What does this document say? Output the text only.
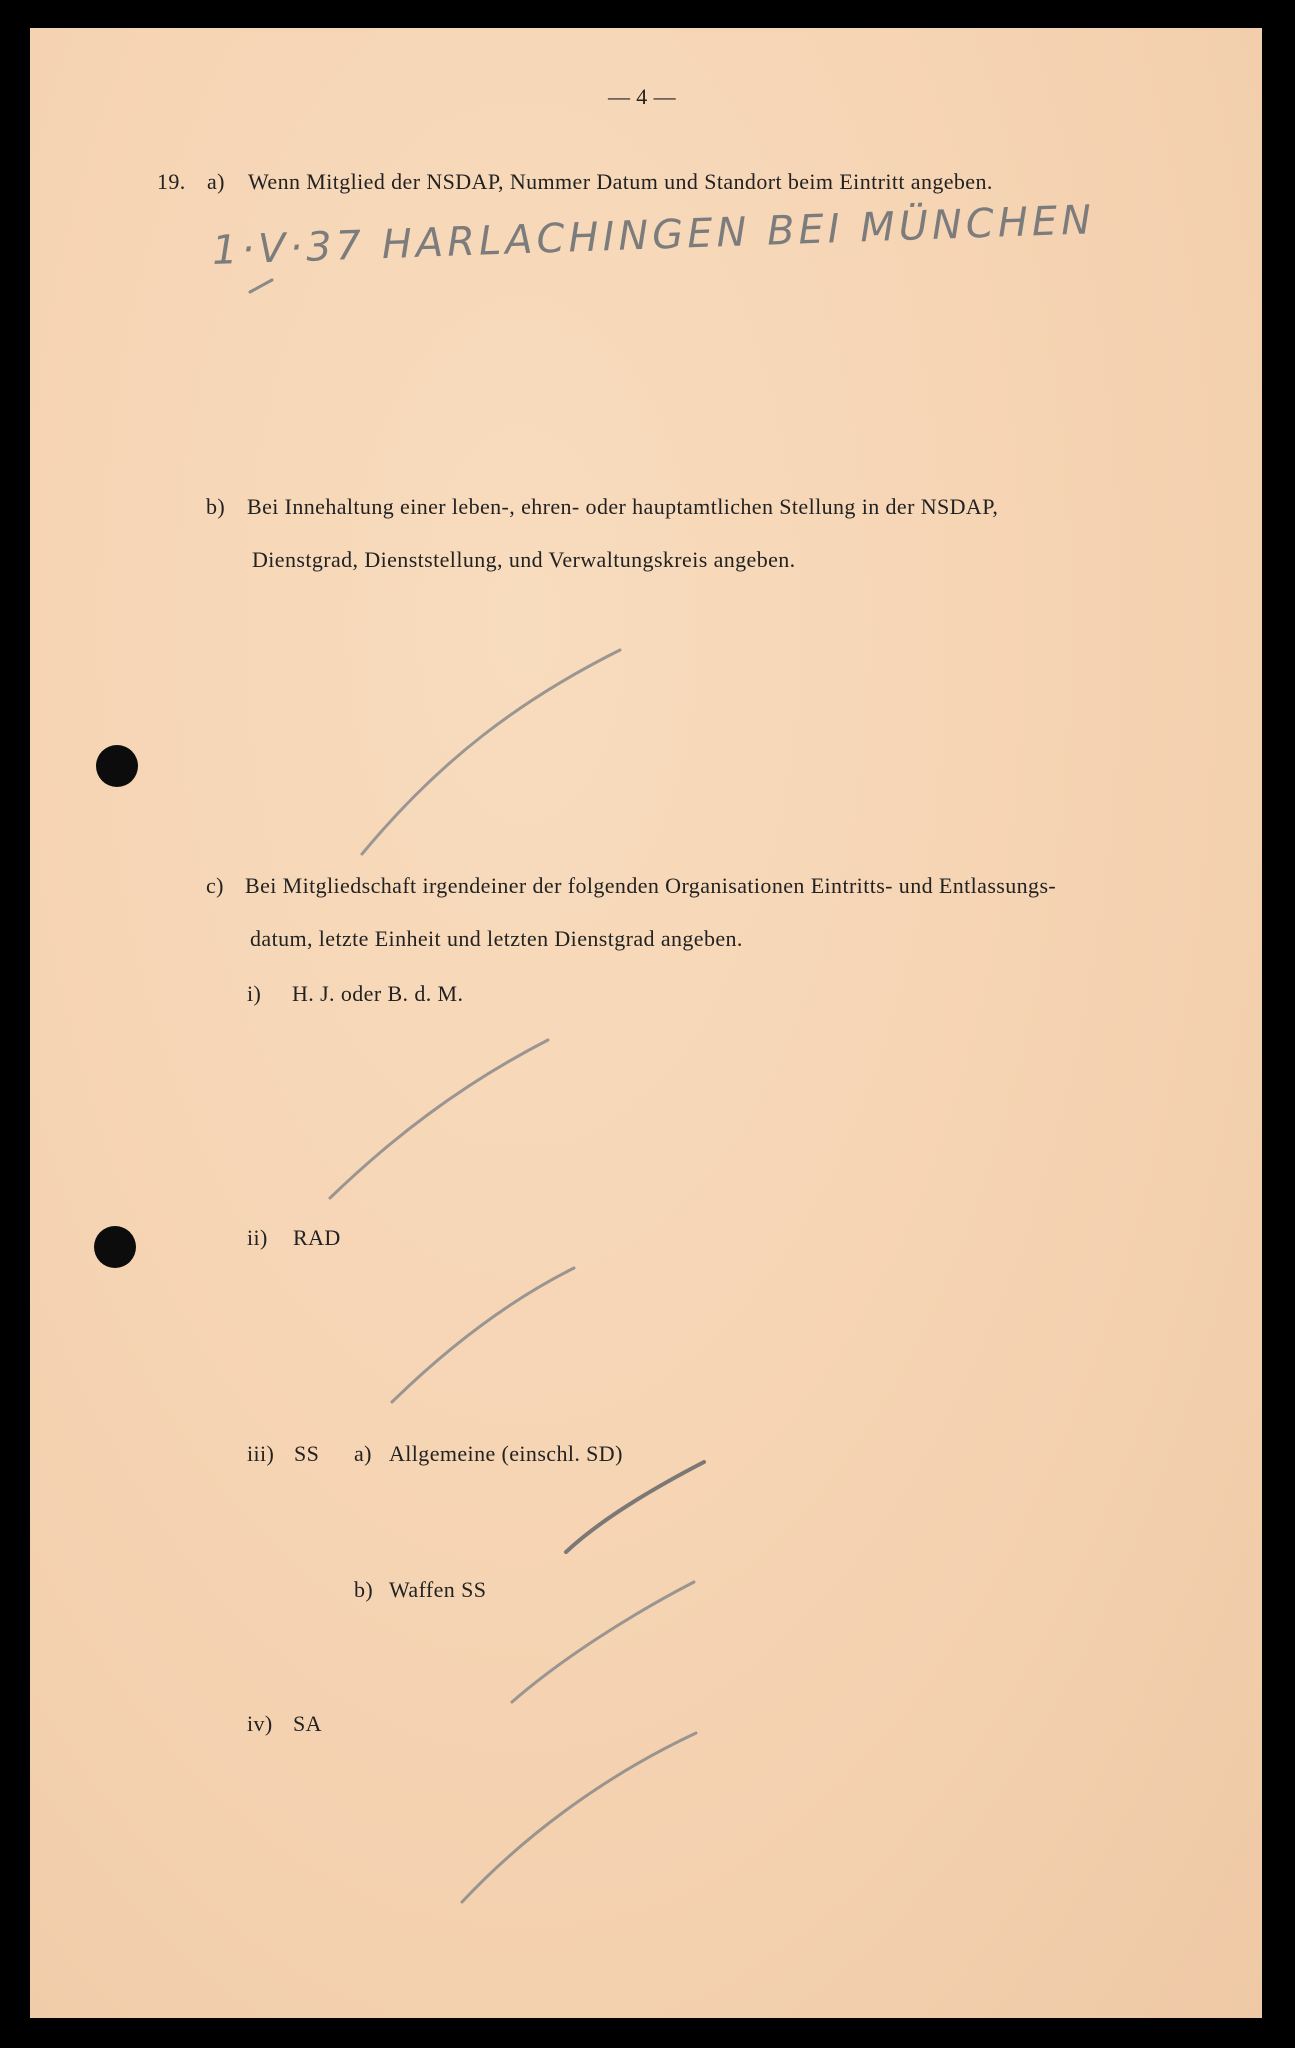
— 4 —
19. a) Wenn Mitglied der NSDAP, Nummer Datum und Standort beim Eintritt angeben.
1·V·37 HARLACHINGEN BEI MÜNCHEN
b) Bei Innehaltung einer leben-, ehren- oder hauptamtlichen Stellung in der NSDAP,
Dienstgrad, Dienststellung, und Verwaltungskreis angeben.
c) Bei Mitgliedschaft irgendeiner der folgenden Organisationen Eintritts- und Entlassungs-
datum, letzte Einheit und letzten Dienstgrad angeben.
i) H. J. oder B. d. M.
ii) RAD
iii) SS a) Allgemeine (einschl. SD)
b) Waffen SS
iv) SA
